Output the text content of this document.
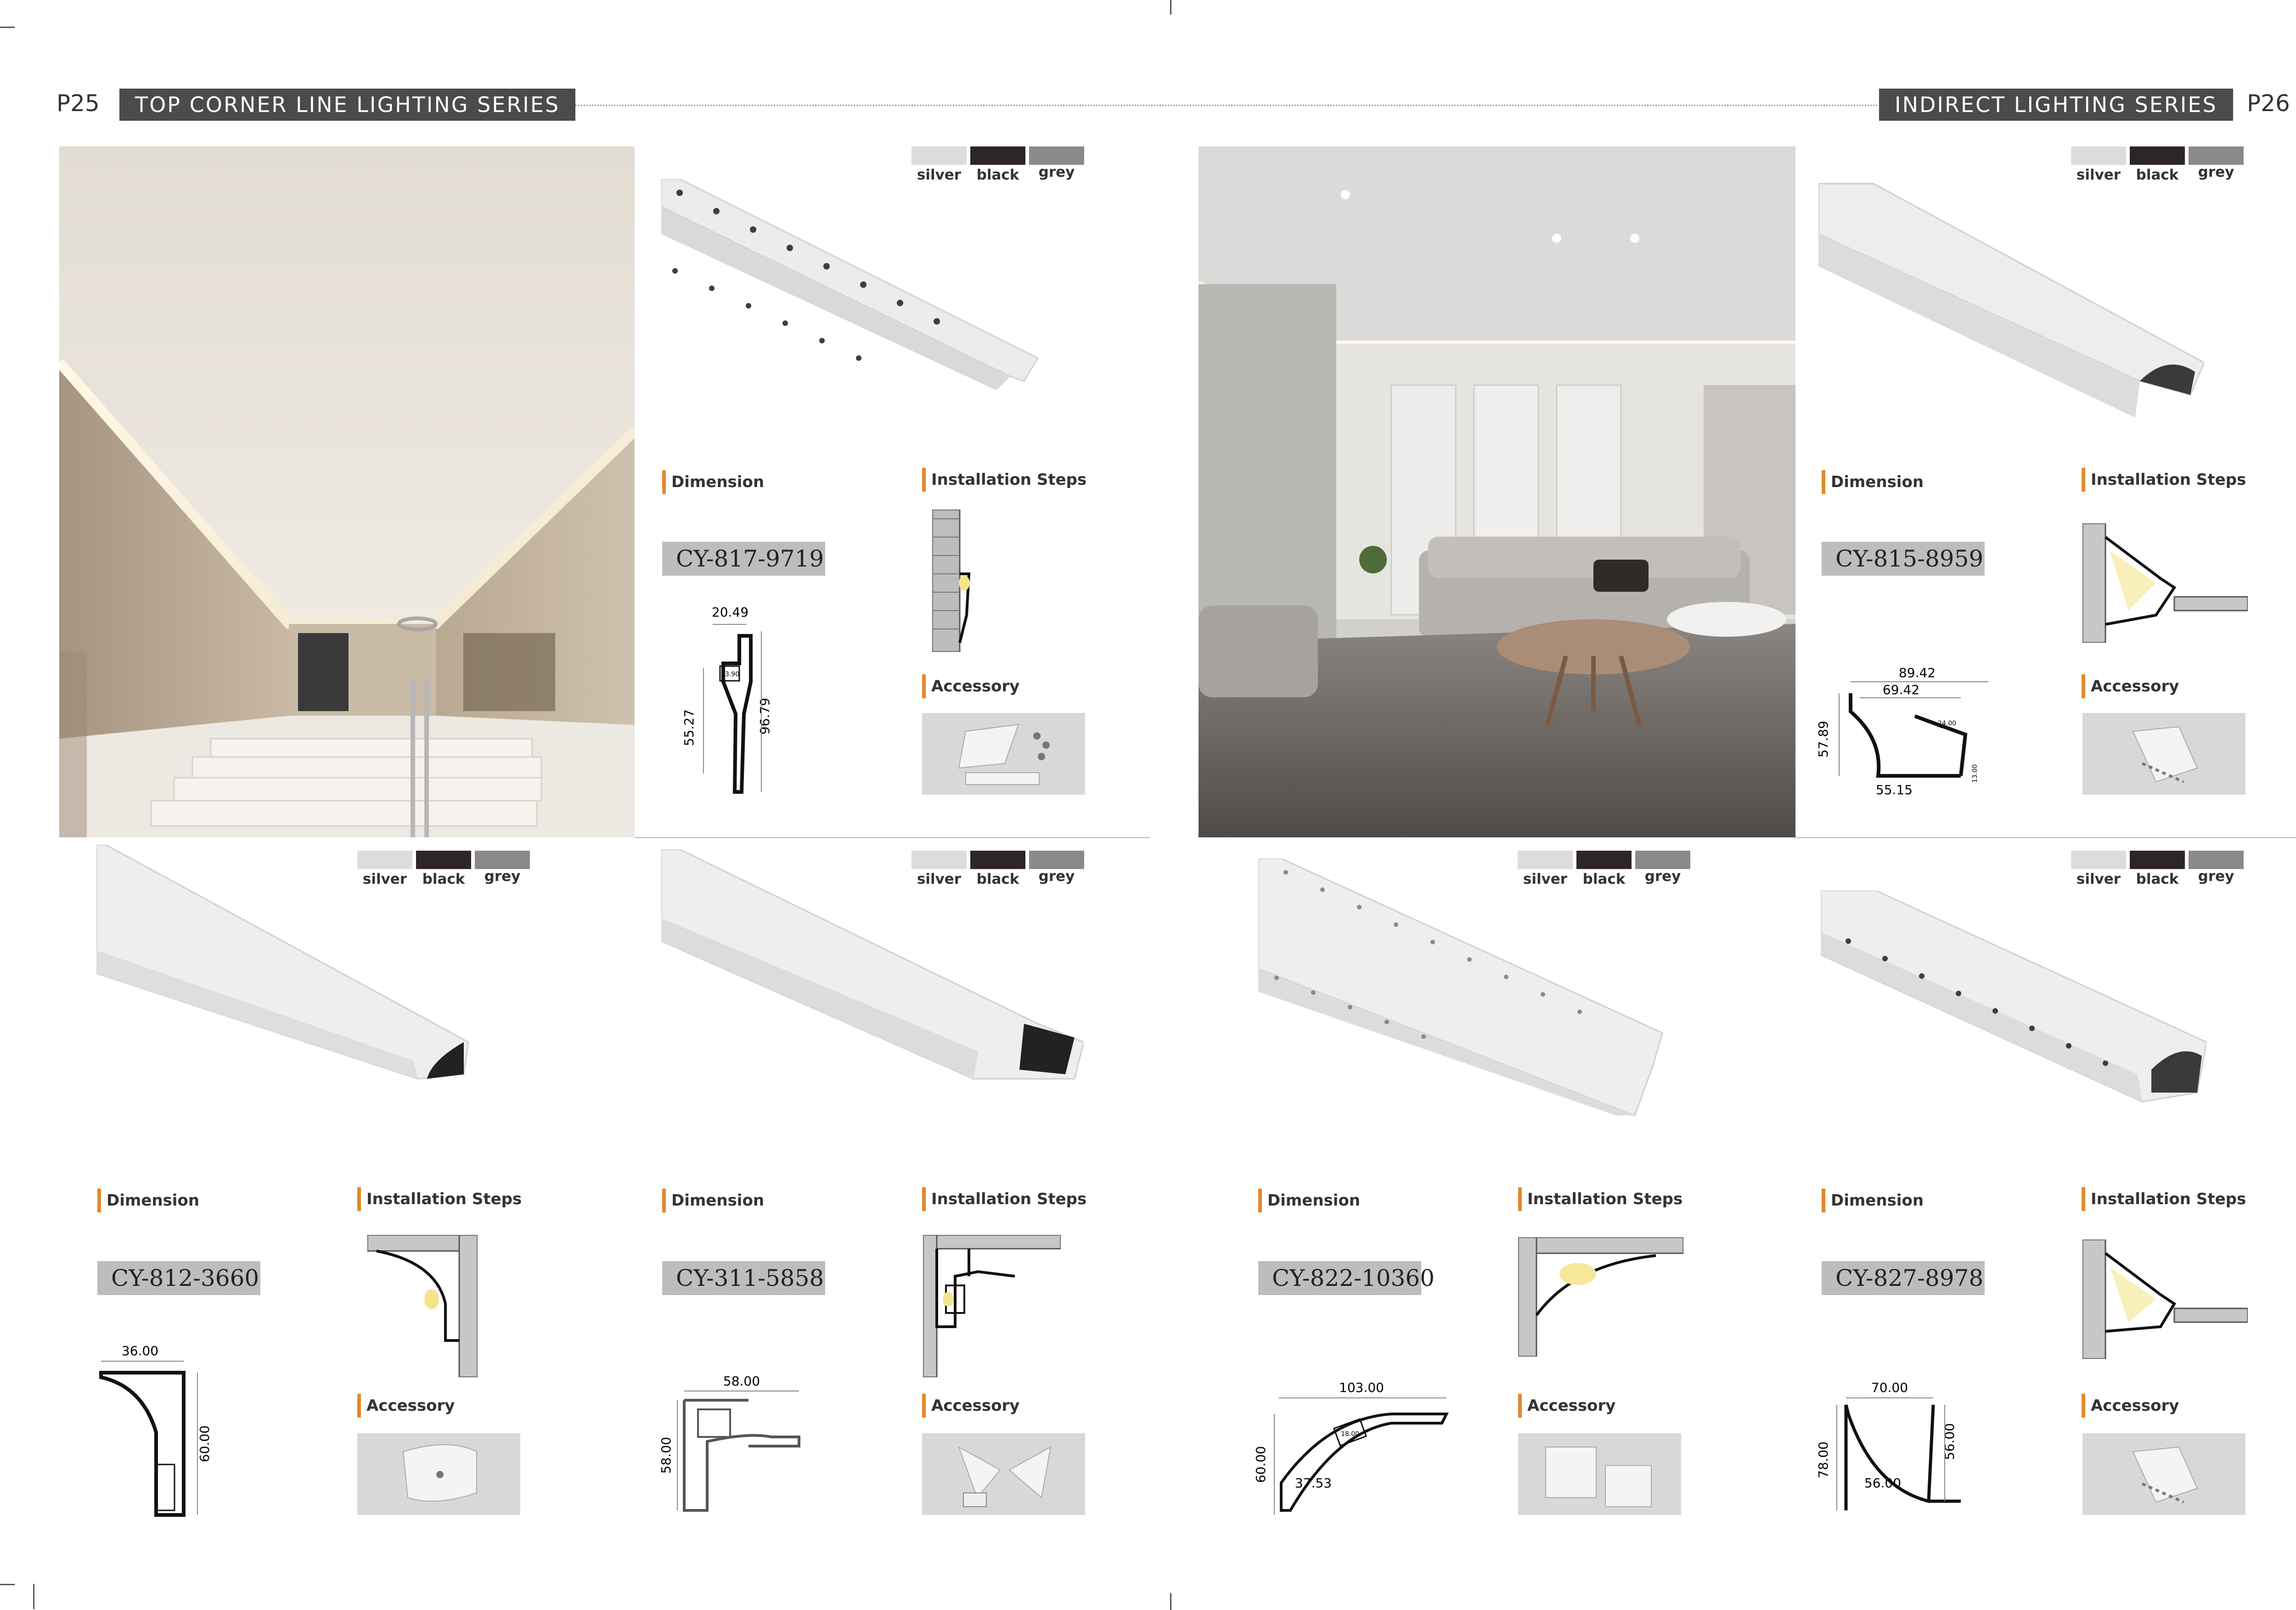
P25	TOP CORNER LINE LIGHTING SERIES	INDIRECT LIGHTING SERIES	P26
silver	black	grey
Dimension	Installation Steps
CY-817-9719
20.49
13.90
55.27	96.79
Accessory
silver	black	grey
Dimension	Installation Steps
CY-815-8959
89.42
69.42
24.00
57.89
55.15
13.00
Accessory
silver	black	grey
Dimension	Installation Steps
CY-812-3660
36.00
60.00
Accessory
silver	black	grey
Dimension	Installation Steps
CY-311-5858
58.00
58.00
Accessory
silver	black	grey
Dimension	Installation Steps
CY-822-10360
103.00
18.00
60.00
37.53
Accessory
silver	black	grey
Dimension	Installation Steps
CY-827-8978
70.00
78.00	56.00
56.00
Accessory
